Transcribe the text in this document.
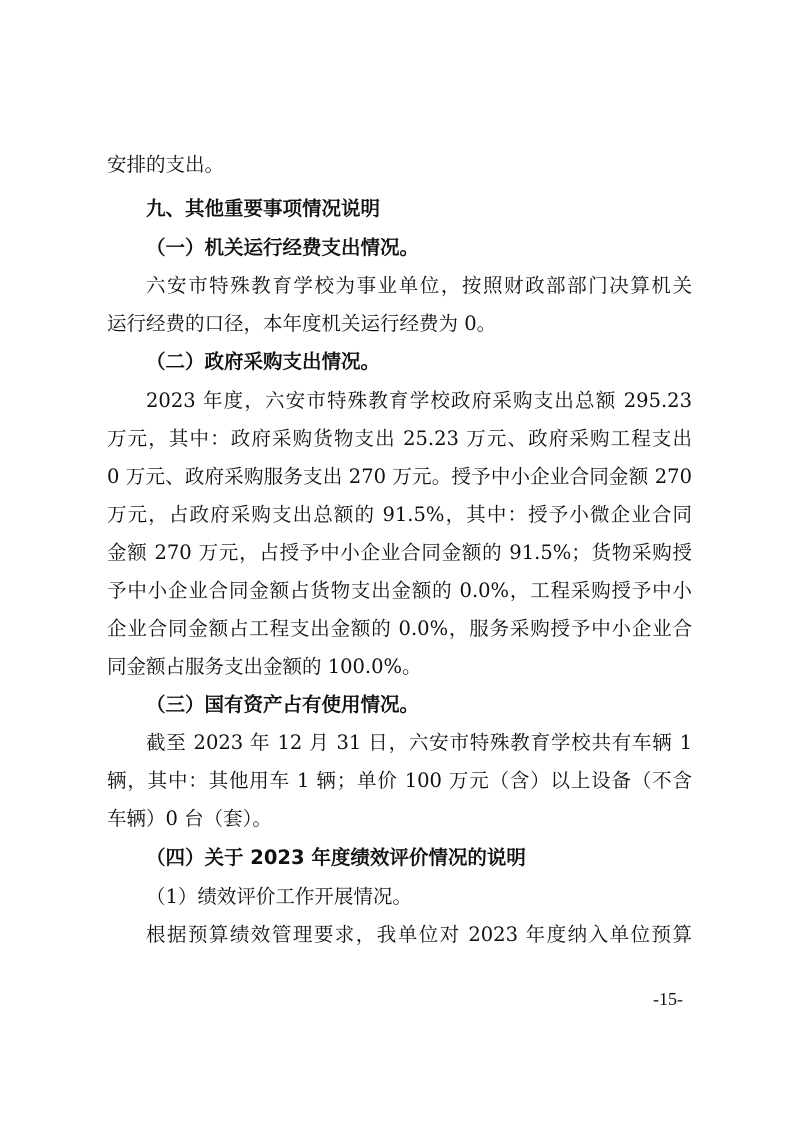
安排的支出。
九、其他重要事项情况说明
（一）机关运行经费支出情况。
六安市特殊教育学校为事业单位，按照财政部部门决算机关
运行经费的口径，本年度机关运行经费为 0。
（二）政府采购支出情况。
2023 年度，六安市特殊教育学校政府采购支出总额 295.23
万元，其中：政府采购货物支出 25.23 万元、政府采购工程支出
0 万元、政府采购服务支出 270 万元。授予中小企业合同金额 270
万元，占政府采购支出总额的 91.5%，其中：授予小微企业合同
金额 270 万元，占授予中小企业合同金额的 91.5%；货物采购授
予中小企业合同金额占货物支出金额的 0.0%，工程采购授予中小
企业合同金额占工程支出金额的 0.0%，服务采购授予中小企业合
同金额占服务支出金额的 100.0%。
（三）国有资产占有使用情况。
截至 2023 年 12 月 31 日，六安市特殊教育学校共有车辆 1
辆，其中：其他用车 1 辆；单价 100 万元（含）以上设备（不含
车辆）0 台（套）。
（四）关于 2023 年度绩效评价情况的说明
（1）绩效评价工作开展情况。
根据预算绩效管理要求，我单位对 2023 年度纳入单位预算
-15-
